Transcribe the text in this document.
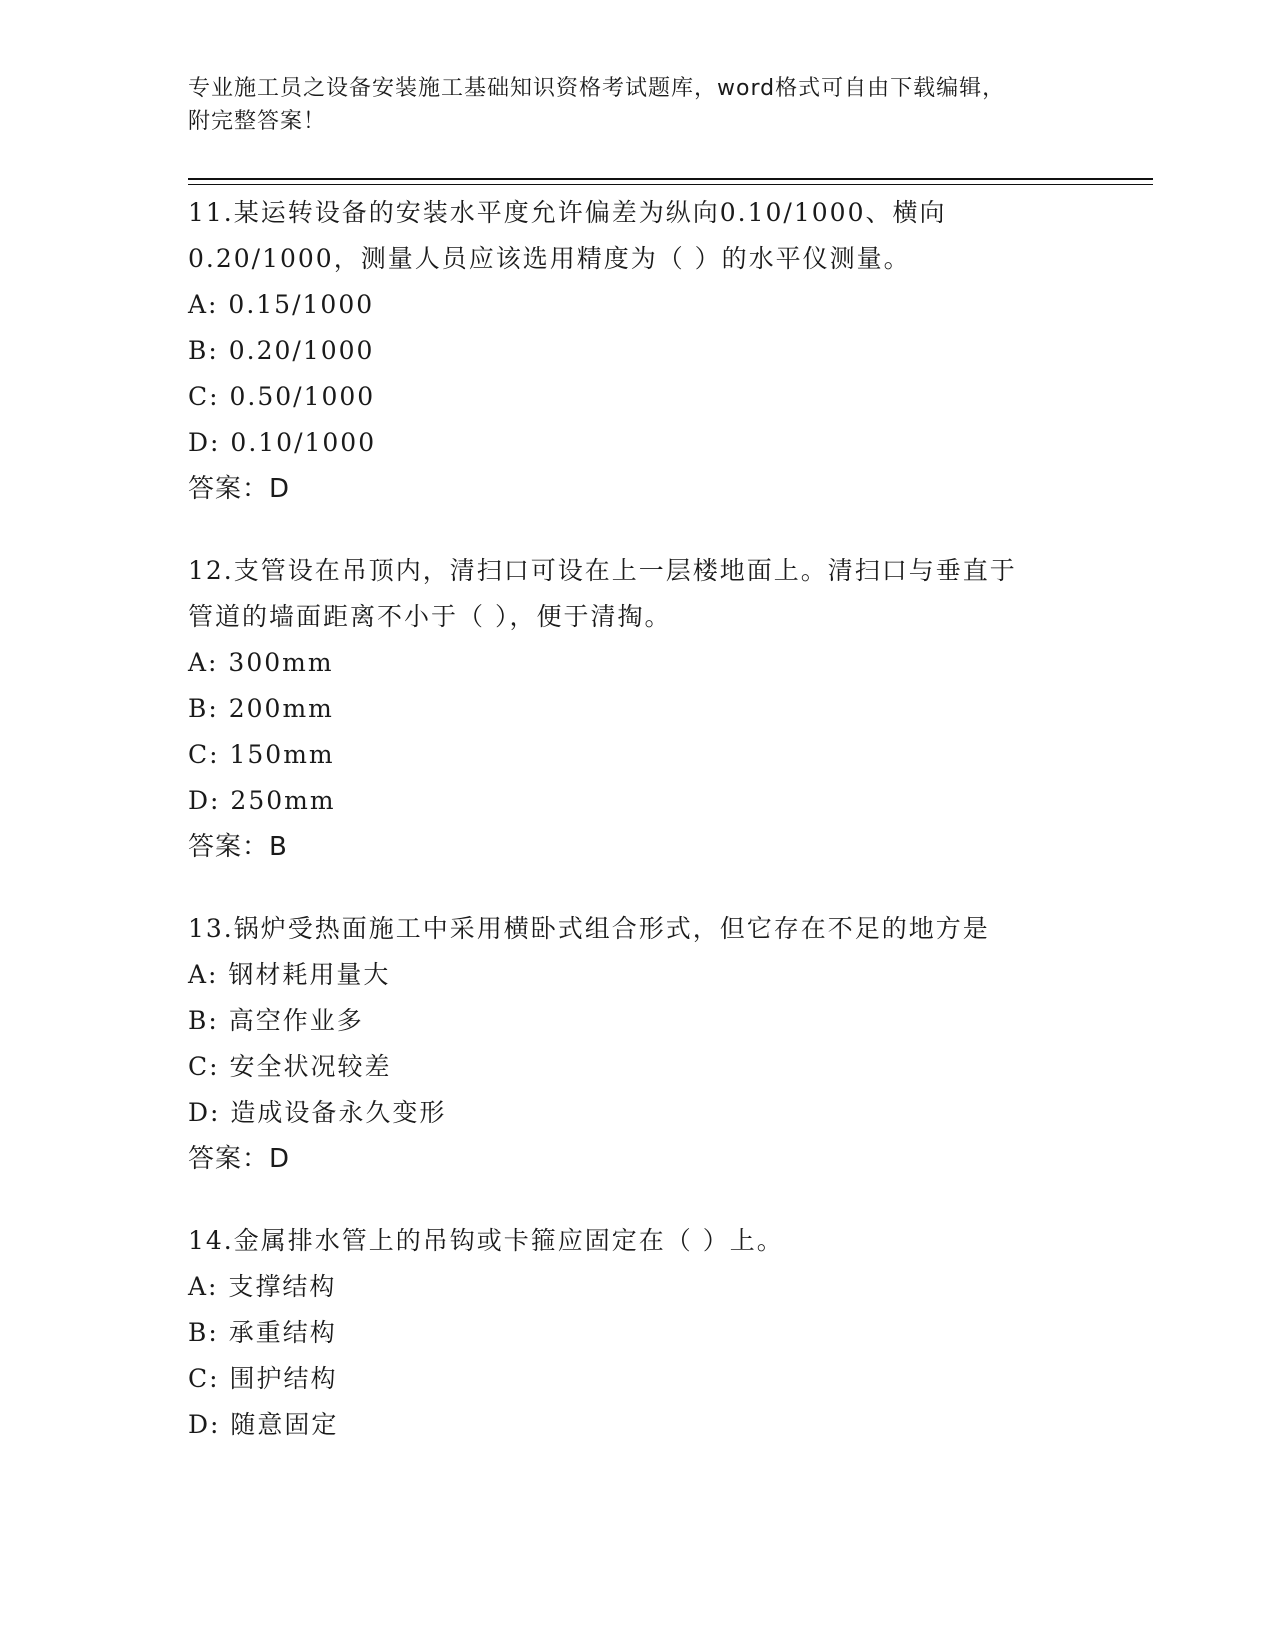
专业施工员之设备安装施工基础知识资格考试题库，word格式可自由下载编辑，
附完整答案！
11.某运转设备的安装水平度允许偏差为纵向0.10/1000、横向
0.20/1000，测量人员应该选用精度为（ ）的水平仪测量。
A: 0.15/1000
B: 0.20/1000
C: 0.50/1000
D: 0.10/1000
答案：D
12.支管设在吊顶内，清扫口可设在上一层楼地面上。清扫口与垂直于
管道的墙面距离不小于（ ），便于清掏。
A: 300mm
B: 200mm
C: 150mm
D: 250mm
答案：B
13.锅炉受热面施工中采用横卧式组合形式，但它存在不足的地方是
A: 钢材耗用量大
B: 高空作业多
C: 安全状况较差
D: 造成设备永久变形
答案：D
14.金属排水管上的吊钩或卡箍应固定在（ ）上。
A: 支撑结构
B: 承重结构
C: 围护结构
D: 随意固定
